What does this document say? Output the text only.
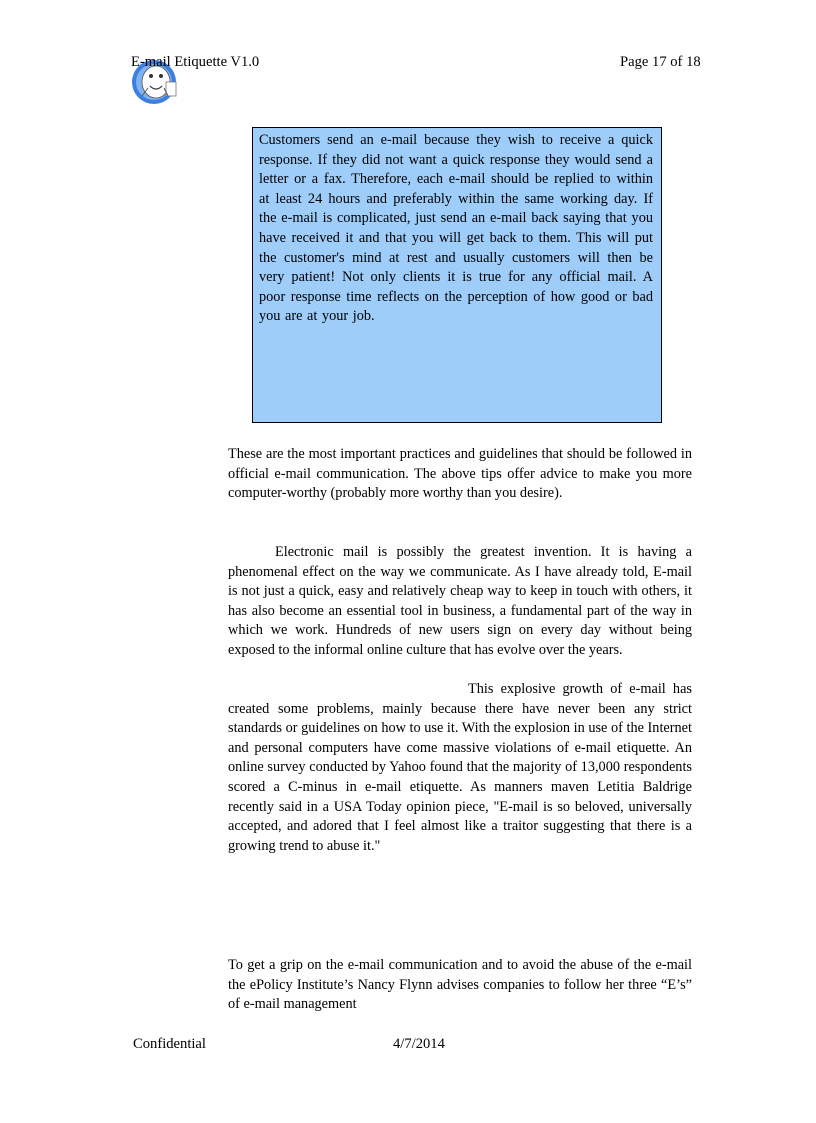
E-mail Etiquette V1.0	Page 17 of 18

Customers send an e-mail because they wish to receive a quick response. If they did not want a quick response they would send a letter or a fax. Therefore, each e-mail should be replied to within at least 24 hours and preferably within the same working day. If the e-mail is complicated, just send an e-mail back saying that you have received it and that you will get back to them. This will put the customer's mind at rest and usually customers will then be very patient! Not only clients it is true for any official mail. A poor response time reflects on the perception of how good or bad you are at your job.

These are the most important practices and guidelines that should be followed in official e-mail communication. The above tips offer advice to make you more computer-worthy (probably more worthy than you desire).

Electronic mail is possibly the greatest invention. It is having a phenomenal effect on the way we communicate. As I have already told, E-mail is not just a quick, easy and relatively cheap way to keep in touch with others, it has also become an essential tool in business, a fundamental part of the way in which we work. Hundreds of new users sign on every day without being exposed to the informal online culture that has evolve over the years.

This explosive growth of e-mail has created some problems, mainly because there have never been any strict standards or guidelines on how to use it. With the explosion in use of the Internet and personal computers have come massive violations of e-mail etiquette. An online survey conducted by Yahoo found that the majority of 13,000 respondents scored a C-minus in e-mail etiquette. As manners maven Letitia Baldrige recently said in a USA Today opinion piece, "E-mail is so beloved, universally accepted, and adored that I feel almost like a traitor suggesting that there is a growing trend to abuse it."

To get a grip on the e-mail communication and to avoid the abuse of the e-mail the ePolicy Institute’s Nancy Flynn advises companies to follow her three “E’s” of e-mail management

Confidential	4/7/2014
